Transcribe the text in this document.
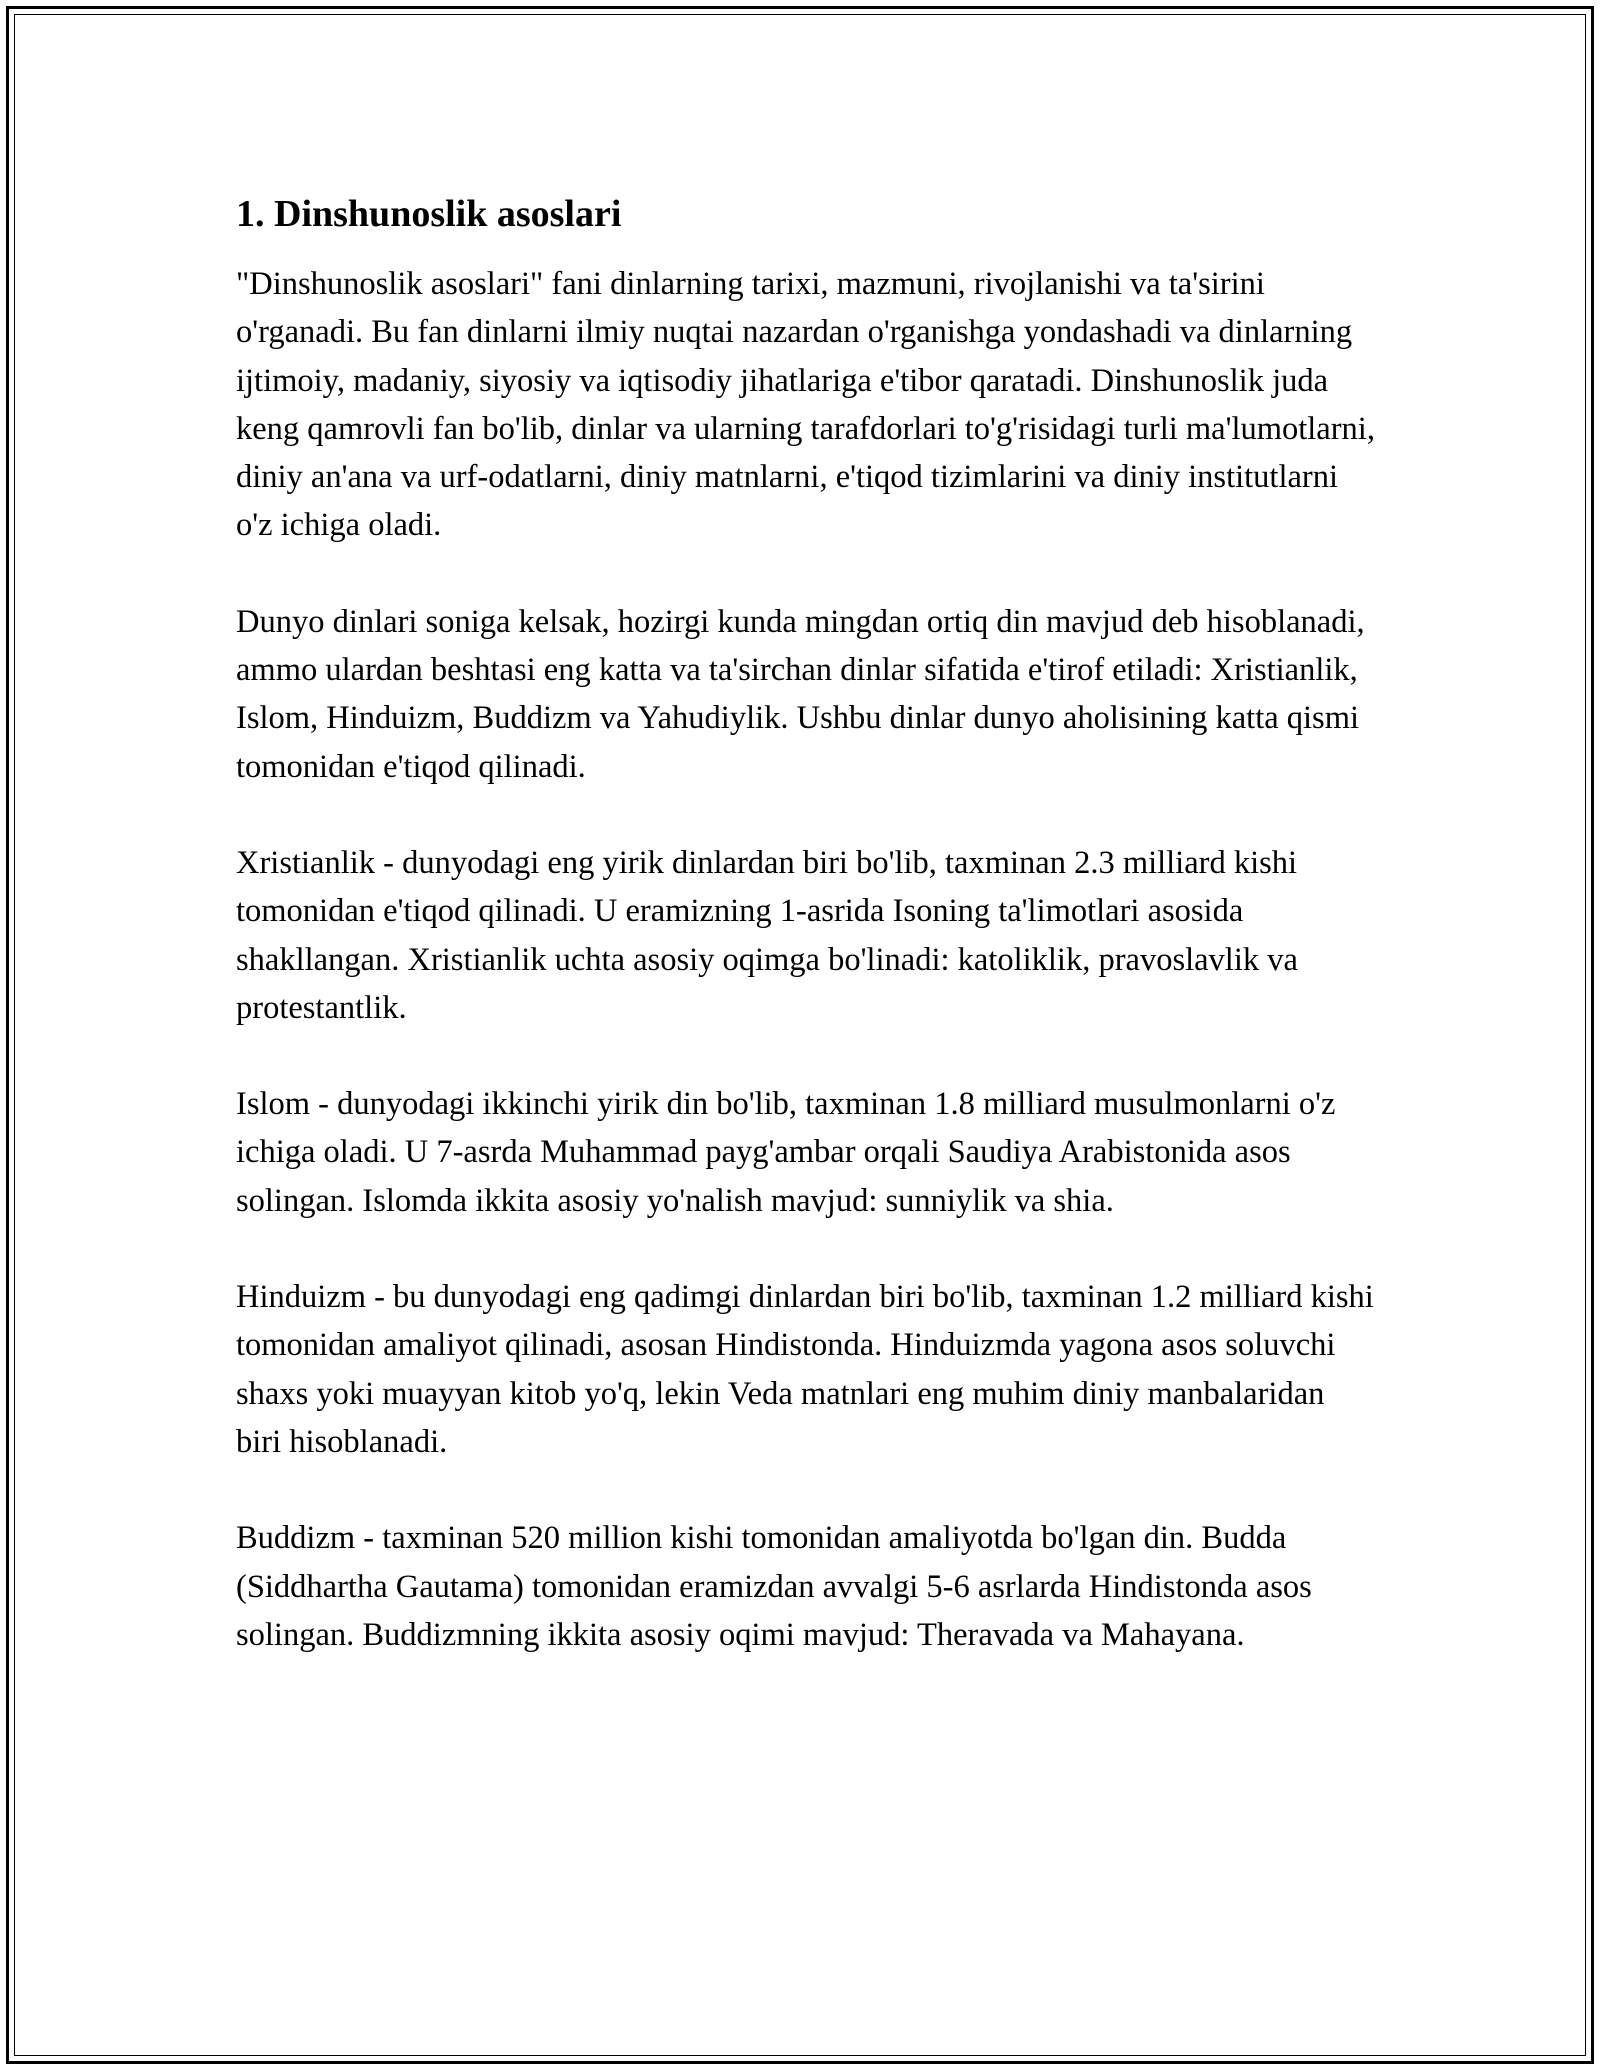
1. Dinshunoslik asoslari

"Dinshunoslik asoslari" fani dinlarning tarixi, mazmuni, rivojlanishi va ta'sirini o'rganadi. Bu fan dinlarni ilmiy nuqtai nazardan o'rganishga yondashadi va dinlarning ijtimoiy, madaniy, siyosiy va iqtisodiy jihatlariga e'tibor qaratadi. Dinshunoslik juda keng qamrovli fan bo'lib, dinlar va ularning tarafdorlari to'g'risidagi turli ma'lumotlarni, diniy an'ana va urf-odatlarni, diniy matnlarni, e'tiqod tizimlarini va diniy institutlarni o'z ichiga oladi.

Dunyo dinlari soniga kelsak, hozirgi kunda mingdan ortiq din mavjud deb hisoblanadi, ammo ulardan beshtasi eng katta va ta'sirchan dinlar sifatida e'tirof etiladi: Xristianlik, Islom, Hinduizm, Buddizm va Yahudiylik. Ushbu dinlar dunyo aholisining katta qismi tomonidan e'tiqod qilinadi.

Xristianlik - dunyodagi eng yirik dinlardan biri bo'lib, taxminan 2.3 milliard kishi tomonidan e'tiqod qilinadi. U eramizning 1-asrida Isoning ta'limotlari asosida shakllangan. Xristianlik uchta asosiy oqimga bo'linadi: katoliklik, pravoslavlik va protestantlik.

Islom - dunyodagi ikkinchi yirik din bo'lib, taxminan 1.8 milliard musulmonlarni o'z ichiga oladi. U 7-asrda Muhammad payg'ambar orqali Saudiya Arabistonida asos solingan. Islomda ikkita asosiy yo'nalish mavjud: sunniylik va shia.

Hinduizm - bu dunyodagi eng qadimgi dinlardan biri bo'lib, taxminan 1.2 milliard kishi tomonidan amaliyot qilinadi, asosan Hindistonda. Hinduizmda yagona asos soluvchi shaxs yoki muayyan kitob yo'q, lekin Veda matnlari eng muhim diniy manbalaridan biri hisoblanadi.

Buddizm - taxminan 520 million kishi tomonidan amaliyotda bo'lgan din. Budda (Siddhartha Gautama) tomonidan eramizdan avvalgi 5-6 asrlarda Hindistonda asos solingan. Buddizmning ikkita asosiy oqimi mavjud: Theravada va Mahayana.
